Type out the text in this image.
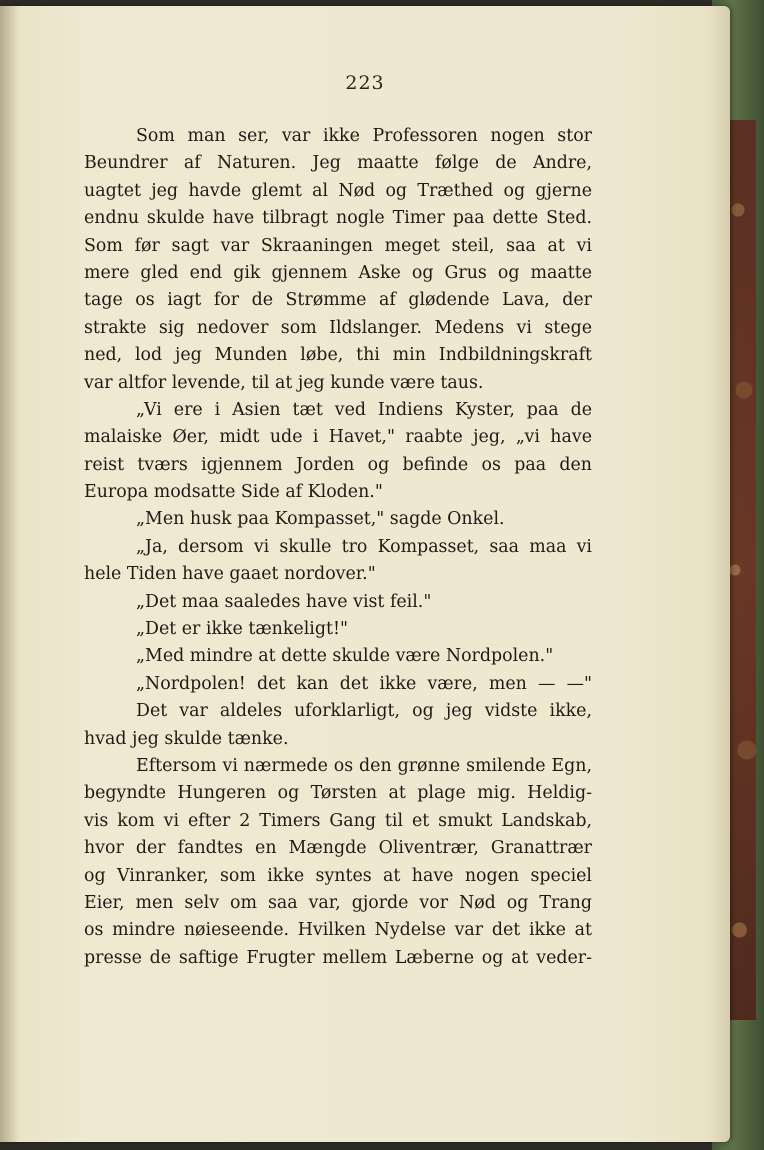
223
Som man ser, var ikke Professoren nogen stor
Beundrer af Naturen. Jeg maatte følge de Andre,
uagtet jeg havde glemt al Nød og Træthed og gjerne
endnu skulde have tilbragt nogle Timer paa dette Sted.
Som før sagt var Skraaningen meget steil, saa at vi
mere gled end gik gjennem Aske og Grus og maatte
tage os iagt for de Strømme af glødende Lava, der
strakte sig nedover som Ildslanger. Medens vi stege
ned, lod jeg Munden løbe, thi min Indbildningskraft
var altfor levende, til at jeg kunde være taus.
„Vi ere i Asien tæt ved Indiens Kyster, paa de
malaiske Øer, midt ude i Havet," raabte jeg, „vi have
reist tværs igjennem Jorden og befinde os paa den
Europa modsatte Side af Kloden."
„Men husk paa Kompasset," sagde Onkel.
„Ja, dersom vi skulle tro Kompasset, saa maa vi
hele Tiden have gaaet nordover."
„Det maa saaledes have vist feil."
„Det er ikke tænkeligt!"
„Med mindre at dette skulde være Nordpolen."
„Nordpolen! det kan det ikke være, men — —"
Det var aldeles uforklarligt, og jeg vidste ikke,
hvad jeg skulde tænke.
Eftersom vi nærmede os den grønne smilende Egn,
begyndte Hungeren og Tørsten at plage mig. Heldig-
vis kom vi efter 2 Timers Gang til et smukt Landskab,
hvor der fandtes en Mængde Oliventrær, Granattrær
og Vinranker, som ikke syntes at have nogen speciel
Eier, men selv om saa var, gjorde vor Nød og Trang
os mindre nøieseende. Hvilken Nydelse var det ikke at
presse de saftige Frugter mellem Læberne og at veder-
